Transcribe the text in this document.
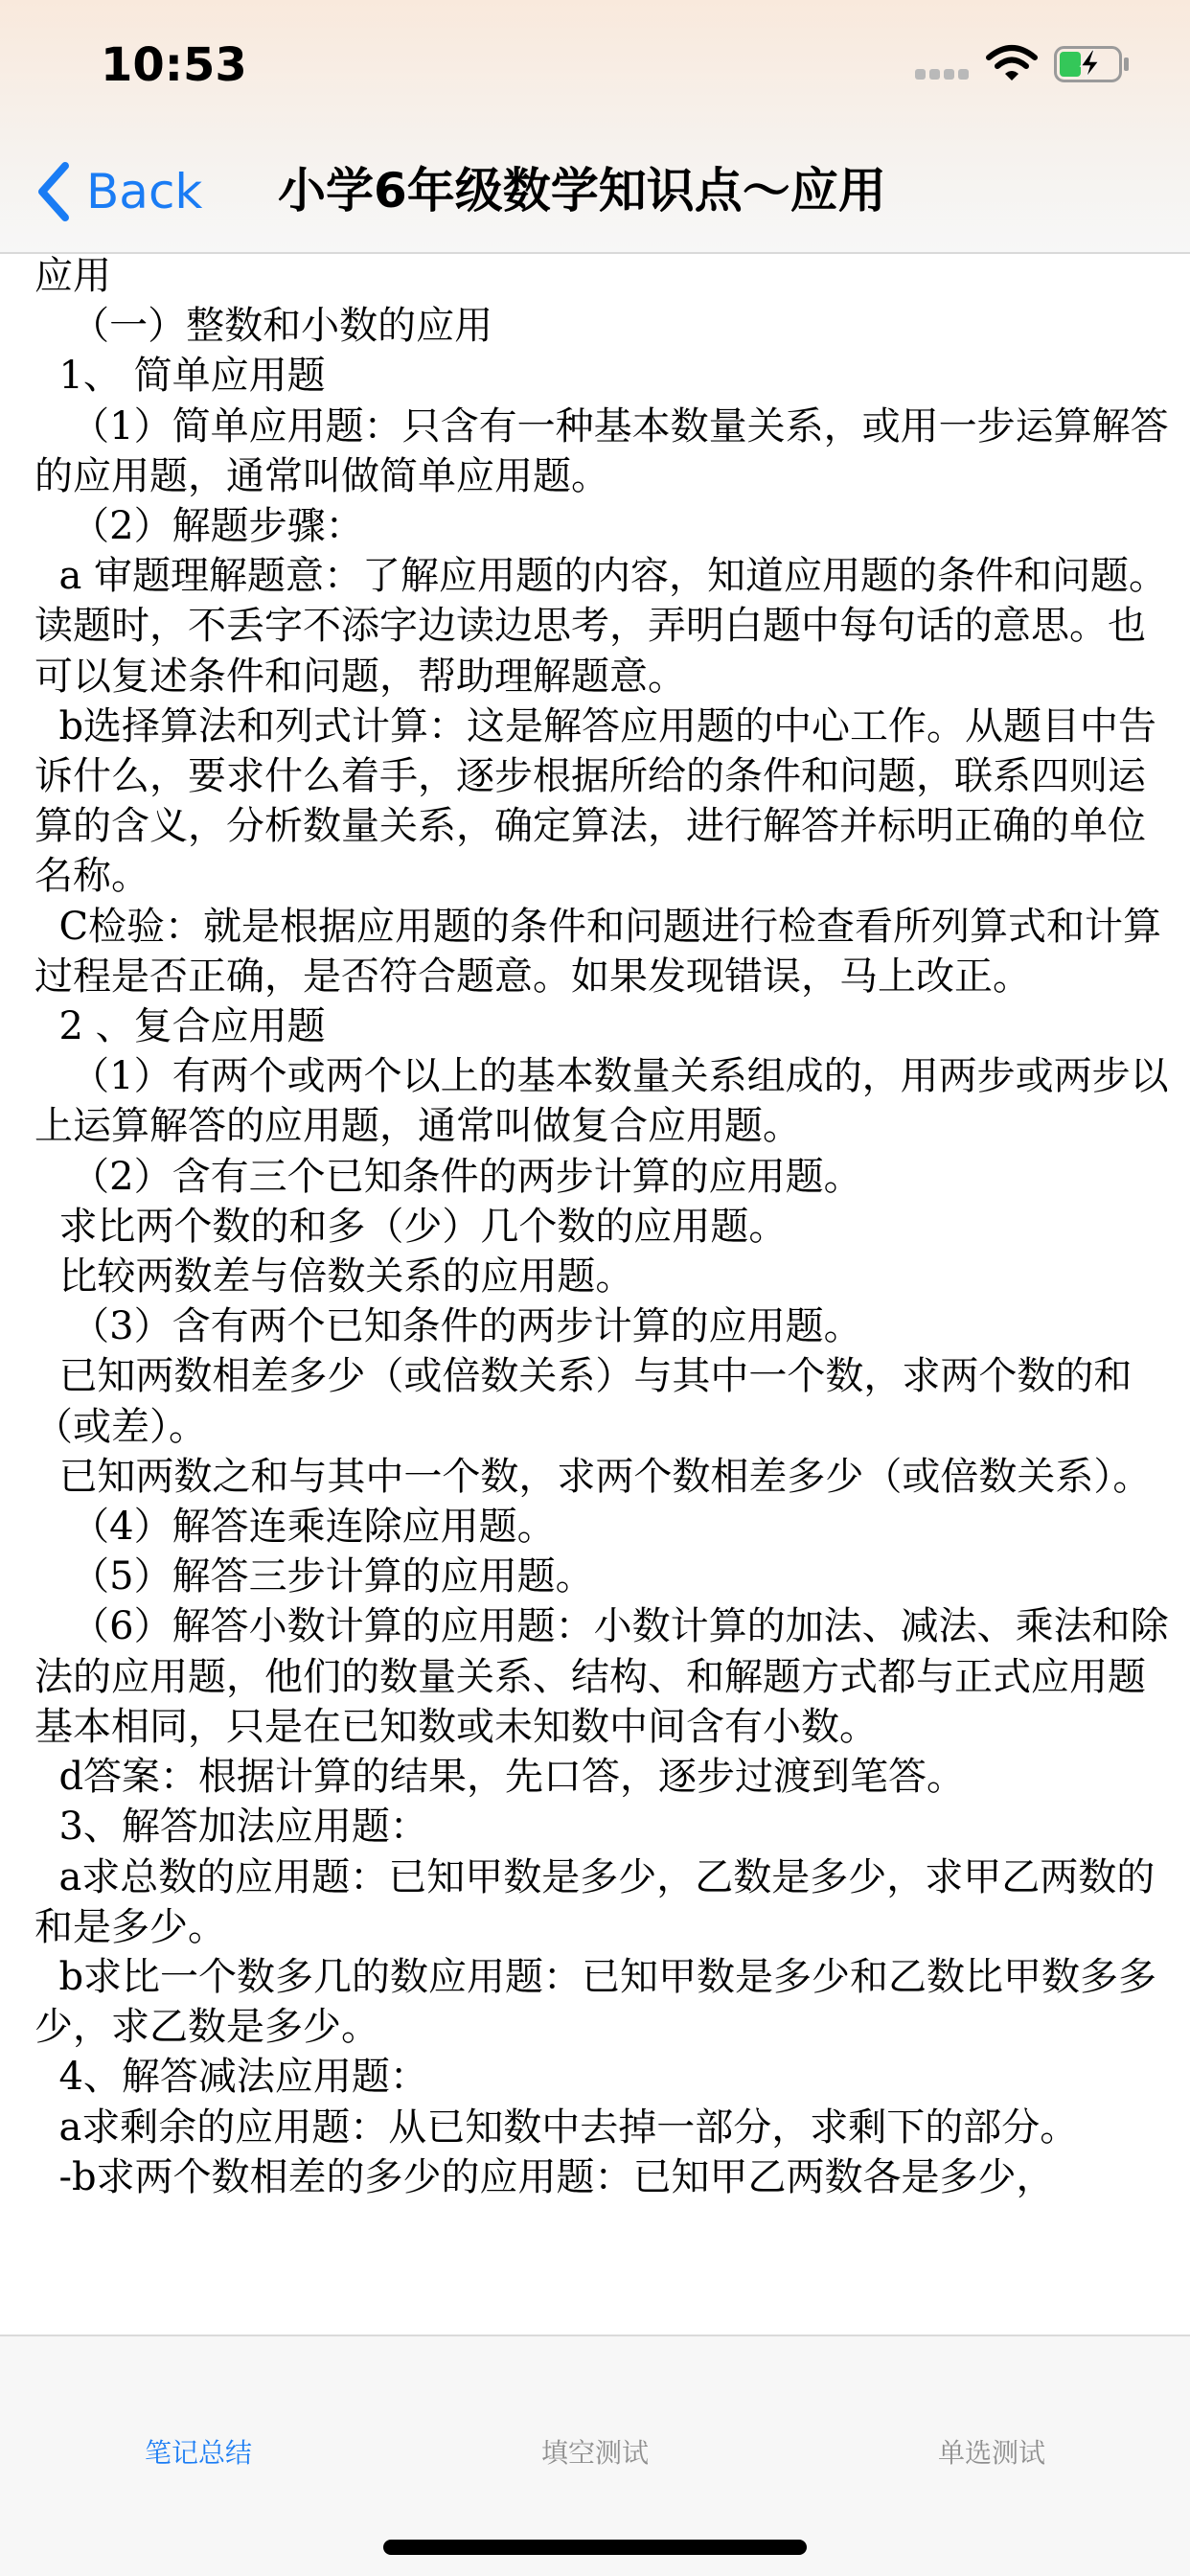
10:53
Back 小学6年级数学知识点～应用

应用

（一）整数和小数的应用

1、 简单应用题

（1）简单应用题：只含有一种基本数量关系，或用一步运算解答的应用题，通常叫做简单应用题。

（2）解题步骤：

a 审题理解题意：了解应用题的内容，知道应用题的条件和问题。读题时，不丢字不添字边读边思考，弄明白题中每句话的意思。也可以复述条件和问题，帮助理解题意。

b选择算法和列式计算：这是解答应用题的中心工作。从题目中告诉什么，要求什么着手，逐步根据所给的条件和问题，联系四则运算的含义，分析数量关系，确定算法，进行解答并标明正确的单位名称。

C检验：就是根据应用题的条件和问题进行检查看所列算式和计算过程是否正确，是否符合题意。如果发现错误，马上改正。

2 、复合应用题

（1）有两个或两个以上的基本数量关系组成的，用两步或两步以上运算解答的应用题，通常叫做复合应用题。

（2）含有三个已知条件的两步计算的应用题。

求比两个数的和多（少）几个数的应用题。

比较两数差与倍数关系的应用题。

（3）含有两个已知条件的两步计算的应用题。

已知两数相差多少（或倍数关系）与其中一个数，求两个数的和（或差）。

已知两数之和与其中一个数，求两个数相差多少（或倍数关系）。

（4）解答连乘连除应用题。

（5）解答三步计算的应用题。

（6）解答小数计算的应用题：小数计算的加法、减法、乘法和除法的应用题，他们的数量关系、结构、和解题方式都与正式应用题基本相同，只是在已知数或未知数中间含有小数。

d答案：根据计算的结果，先口答，逐步过渡到笔答。

3、解答加法应用题：

a求总数的应用题：已知甲数是多少，乙数是多少，求甲乙两数的和是多少。

b求比一个数多几的数应用题：已知甲数是多少和乙数比甲数多多少，求乙数是多少。

4、解答减法应用题：

a求剩余的应用题：从已知数中去掉一部分，求剩下的部分。

-b求两个数相差的多少的应用题：已知甲乙两数各是多少，

笔记总结	填空测试	单选测试
